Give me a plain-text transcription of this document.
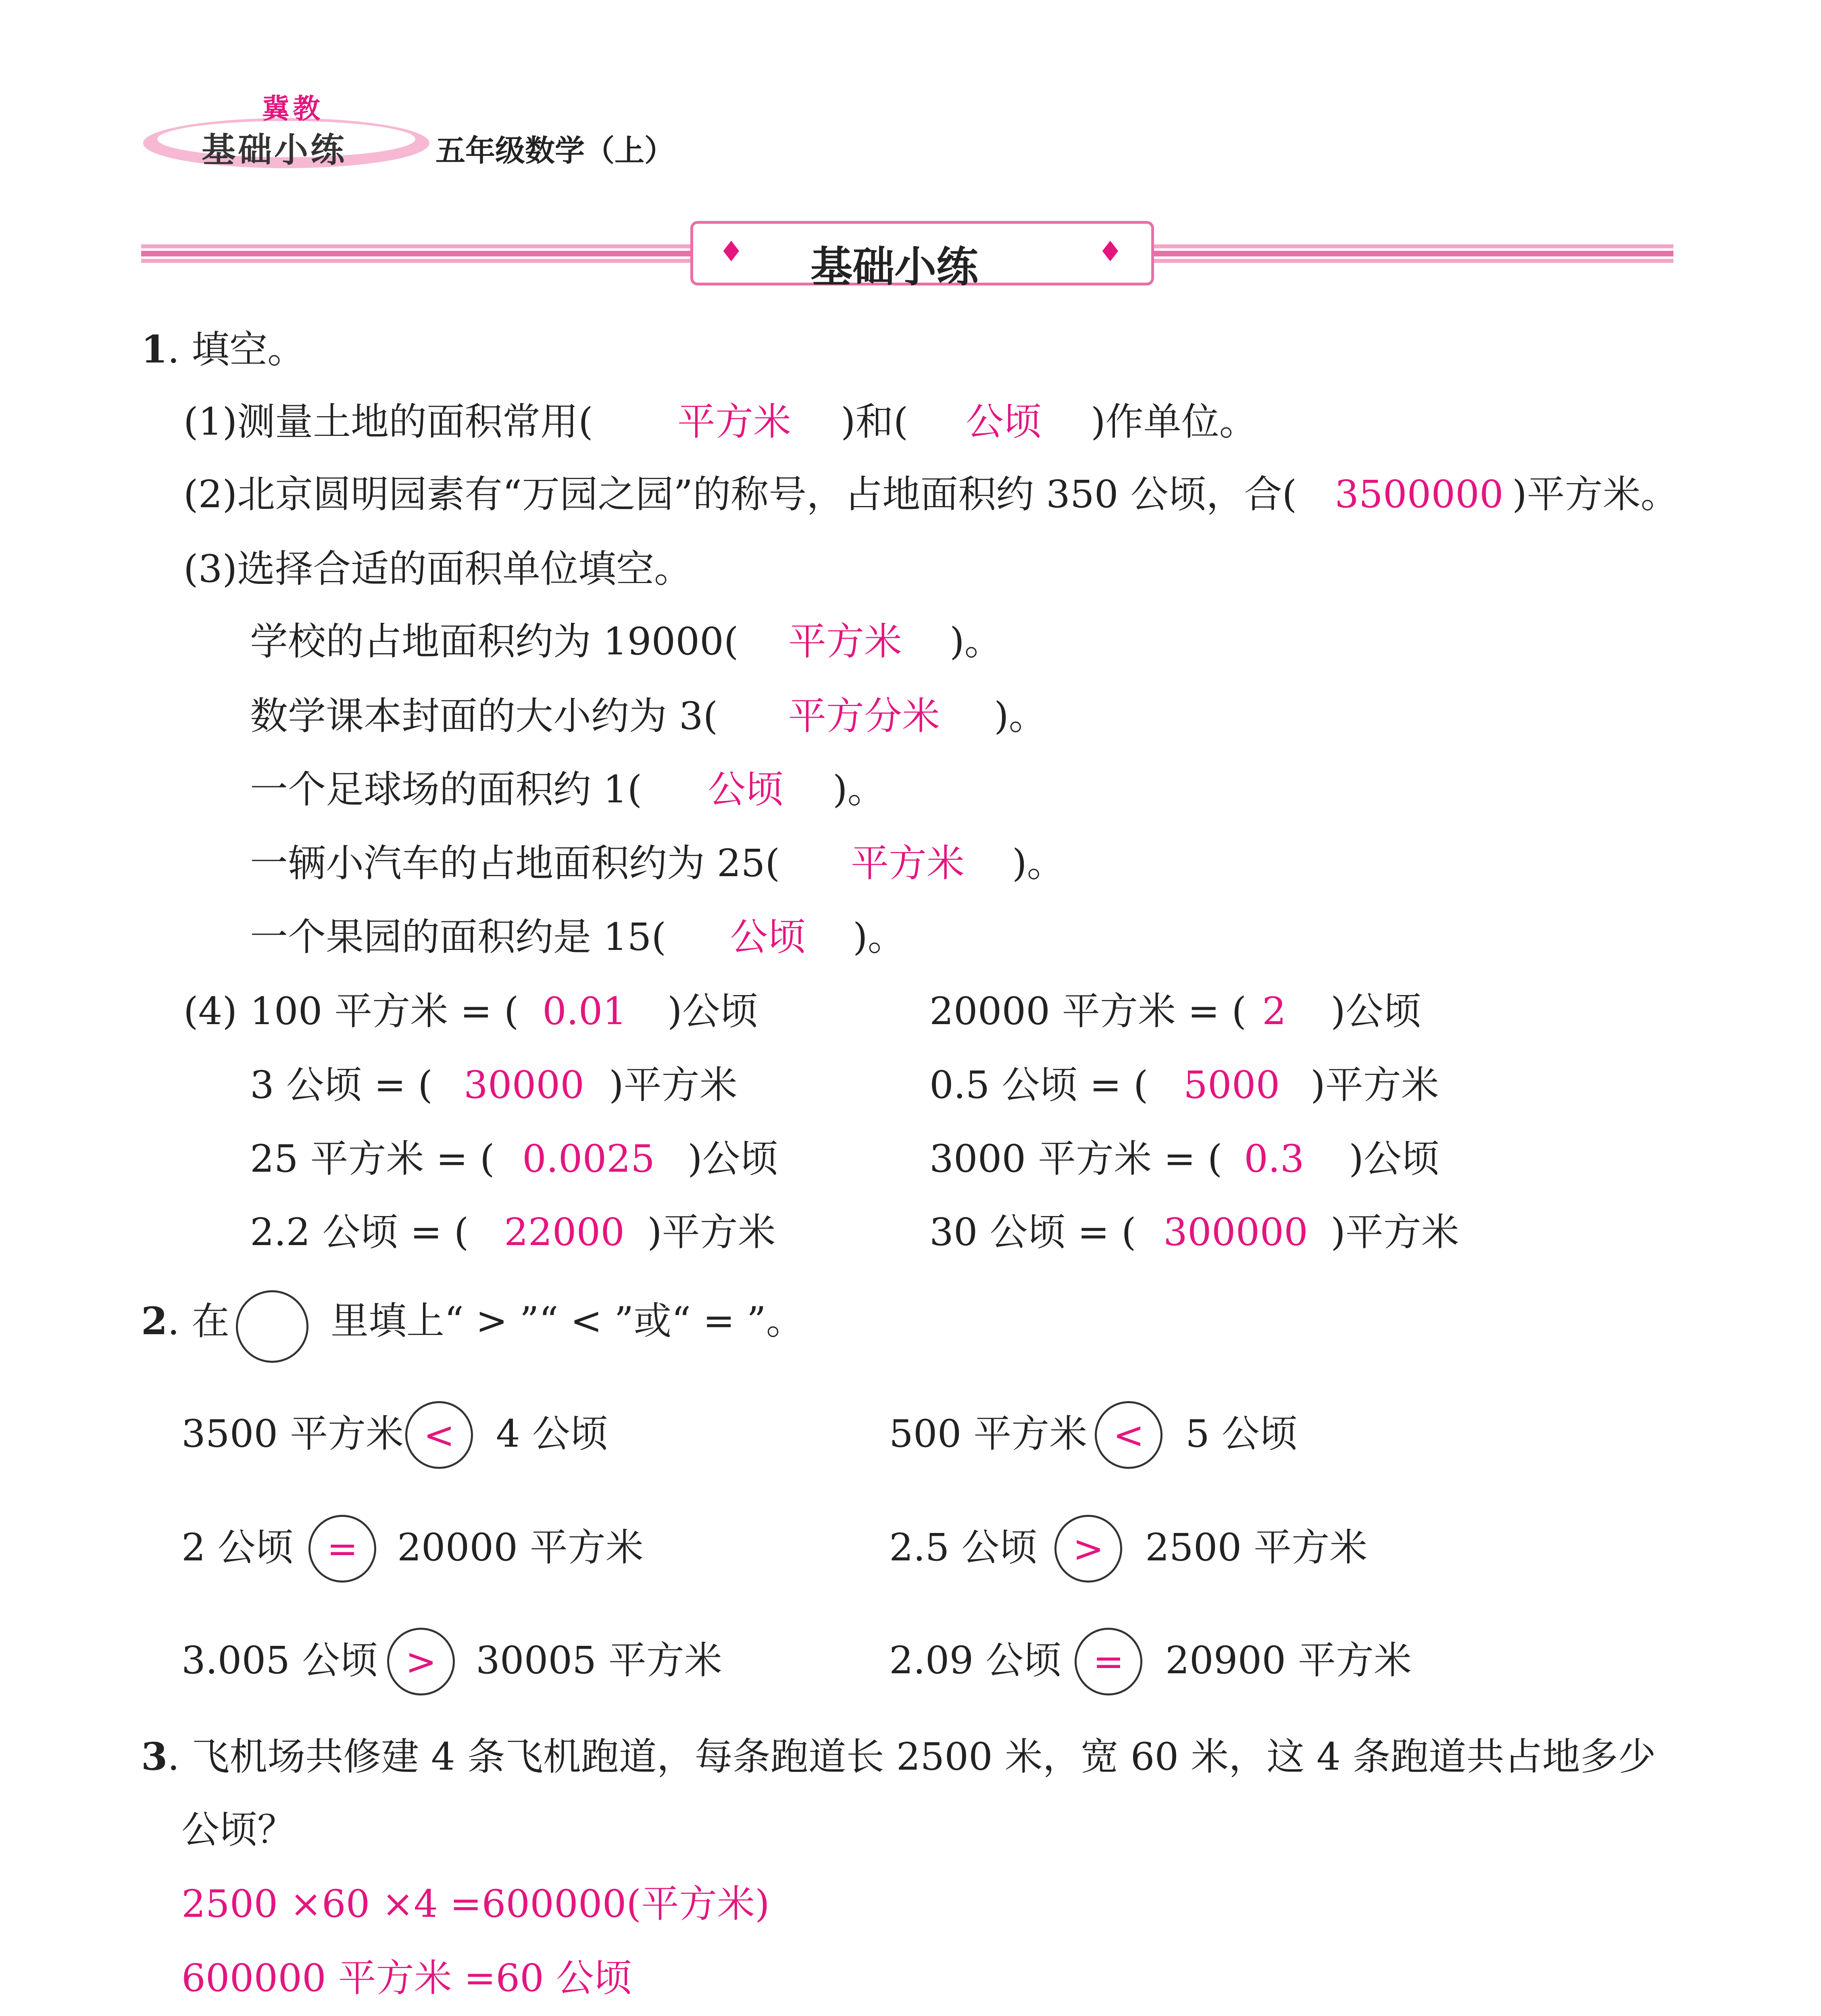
冀教
基础小练	五年级数学（上）
♦	♦
基础小练
1. 填空。
(1)测量土地的面积常用( 平方米 )和( 公顷 )作单位。
(2)北京圆明园素有“万园之园”的称号，占地面积约 350 公顷，合( 3500000 )平方米。
(3)选择合适的面积单位填空。
学校的占地面积约为 19000( 平方米 )。
数学课本封面的大小约为 3( 平方分米 )。
一个足球场的面积约 1( 公顷 )。
一辆小汽车的占地面积约为 25( 平方米 )。
一个果园的面积约是 15( 公顷 )。
(4) 100 平方米 = ( 0.01 )公顷	20000 平方米 = ( 2 )公顷
3 公顷 = ( 30000 )平方米	0.5 公顷 = ( 5000 )平方米
25 平方米 = ( 0.0025 )公顷	3000 平方米 = ( 0.3 )公顷
2.2 公顷 = ( 22000 )平方米	30 公顷 = ( 300000 )平方米
2. 在	里填上“ > ”“ < ”或“ = ”。
3500 平方米 <	4 公顷	500 平方米 <	5 公顷
2 公顷 =	20000 平方米	2.5 公顷 >	2500 平方米
3.005 公顷 >	30005 平方米	2.09 公顷 =	20900 平方米
3. 飞机场共修建 4 条飞机跑道，每条跑道长 2500 米，宽 60 米，这 4 条跑道共占地多少
公顷？
2500 ×60 ×4 =600000(平方米)
600000 平方米 =60 公顷
